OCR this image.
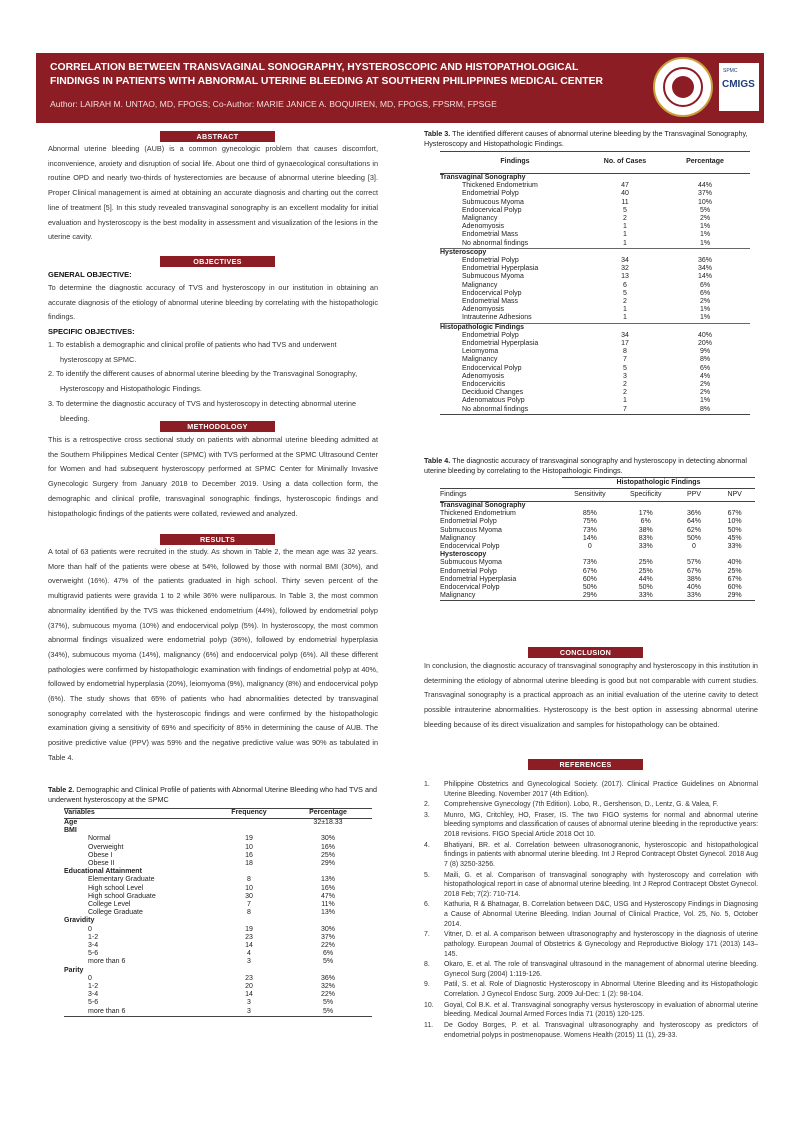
CORRELATION BETWEEN TRANSVAGINAL SONOGRAPHY, HYSTEROSCOPIC AND HISTOPATHOLOGICAL FINDINGS IN PATIENTS WITH ABNORMAL UTERINE BLEEDING AT SOUTHERN PHILIPPINES MEDICAL CENTER
Author: LAIRAH M. UNTAO, MD, FPOGS; Co-Author: MARIE JANICE A. BOQUIREN, MD, FPOGS, FPSRM, FPSGE
SPMC
CMIGS
ABSTRACT
Abnormal uterine bleeding (AUB) is a common gynecologic problem that causes discomfort, inconvenience, anxiety and disruption of social life. About one third of gynaecological consultations in routine OPD and nearly two-thirds of hysterectomies are because of abnormal uterine bleeding [3]. Proper Clinical management is aimed at obtaining an accurate diagnosis and charting out the correct line of treatment [5]. In this study revealed transvaginal sonography is an excellent modality for initial evaluation and hysteroscopy is the best modality in assessment and visualization of the lesions in the uterine cavity.
OBJECTIVES
GENERAL OBJECTIVE:
To determine the diagnostic accuracy of TVS and hysteroscopy in our institution in obtaining an accurate diagnosis of the etiology of abnormal uterine bleeding by correlating with the histopathologic findings.
SPECIFIC OBJECTIVES:
1. To establish a demographic and clinical profile of patients who had TVS and underwent hysteroscopy at SPMC.
2. To identify the different causes of abnormal uterine bleeding by the Transvaginal Sonography, Hysteroscopy and Histopathologic Findings.
3. To determine the diagnostic accuracy of TVS and hysteroscopy in detecting abnormal uterine bleeding.
METHODOLOGY
This is a retrospective cross sectional study on patients with abnormal uterine bleeding admitted at the Southern Philippines Medical Center (SPMC) with TVS performed at the SPMC Ultrasound Center for Women and had subsequent hysteroscopy performed at SPMC Center for Minimally Invasive Gynecologic Surgery from January 2018 to December 2019. Using a data collection form, the demographic and clinical profile, transvaginal sonographic findings, hysteroscopic findings and histopathologic findings of the patients were collated, reviewed and analyzed.
RESULTS
A total of 63 patients were recruited in the study. As shown in Table 2, the mean age was 32 years. More than half of the patients were obese at 54%, followed by those with normal BMI (30%), and overweight (16%). 47% of the patients graduated in high school. Thirty seven percent of the multigravid patients were gravida 1 to 2 while 36% were nulliparous. In Table 3, the most common abnormality identified by the TVS was thickened endometrium (44%), followed by endometrial polyp (37%), submucous myoma (10%) and endocervical polyp (5%). In hysteroscopy, the most common abnormal findings visualized were endometrial polyp (36%), followed by endometrial hyperplasia (34%), submucous myoma (14%), malignancy (6%) and endocervical polyp (6%). All these different pathologies were confirmed by histopathologic examination with findings of endometrial polyp at 40%, followed by endometrial hyperplasia (20%), leiomyoma (9%), malignancy (8%) and endocervical polyp (6%). The study shows that 65% of patients who had abnormalities detected by transvaginal sonography correlated with the hysteroscopic findings and were confirmed by the histopathologic examination giving a sensitivity of 69% and specificity of 85% in determining the cause of AUB. The positive predictive value (PPV) was 59% and the negative predictive value was 90% as tabulated in Table 4.
Table 2. Demographic and Clinical Profile of patients with Abnormal Uterine Bleeding who had TVS and underwent hysteroscopy at the SPMC
Variables	Frequency	Percentage
Age		32±18.33
BMI		
Normal	19	30%
Overweight	10	16%
Obese I	16	25%
Obese II	18	29%
Educational Attainment		
Elementary Graduate	8	13%
High school Level	10	16%
High school Graduate	30	47%
College Level	7	11%
College Graduate	8	13%
Gravidity		
0	19	30%
1-2	23	37%
3-4	14	22%
5-6	4	6%
more than 6	3	5%
Parity		
0	23	36%
1-2	20	32%
3-4	14	22%
5-6	3	5%
more than 6	3	5%
Table 3. The identified different causes of abnormal uterine bleeding by the Transvaginal Sonography, Hysteroscopy and Histopathologic Findings.
Findings	No. of Cases	Percentage
Transvaginal Sonography		
Thickened Endometrium	47	44%
Endometrial Polyp	40	37%
Submucous Myoma	11	10%
Endocervical Polyp	5	5%
Malignancy	2	2%
Adenomyosis	1	1%
Endometrial Mass	1	1%
No abnormal findings	1	1%
Hysteroscopy		
Endometrial Polyp	34	36%
Endometrial Hyperplasia	32	34%
Submucous Myoma	13	14%
Malignancy	6	6%
Endocervical Polyp	5	6%
Endometrial Mass	2	2%
Adenomyosis	1	1%
Intrauterine Adhesions	1	1%
Histopathologic Findings		
Endometrial Polyp	34	40%
Endometrial Hyperplasia	17	20%
Leiomyoma	8	9%
Malignancy	7	8%
Endocervical Polyp	5	6%
Adenomyosis	3	4%
Endocervicitis	2	2%
Deciduoid Changes	2	2%
Adenomatous Polyp	1	1%
No abnormal findings	7	8%
Table 4. The diagnostic accuracy of transvaginal sonography and hysteroscopy in detecting abnormal uterine bleeding by correlating to the Histopathologic Findings.
	Histopathologic Findings			
Findings	Sensitivity	Specificity	PPV	NPV
Transvaginal Sonography				
Thickened Endometrium	85%	17%	36%	67%
Endometrial Polyp	75%	6%	64%	10%
Submucous Myoma	73%	38%	62%	50%
Malignancy	14%	83%	50%	45%
Endocervical Polyp	0	33%	0	33%
Hysteroscopy				
Submucous Myoma	73%	25%	57%	40%
Endometrial Polyp	67%	25%	67%	25%
Endometrial Hyperplasia	60%	44%	38%	67%
Endocervical Polyp	50%	50%	40%	60%
Malignancy	29%	33%	33%	29%
CONCLUSION
In conclusion, the diagnostic accuracy of transvaginal sonography and hysteroscopy in this institution in determining the etiology of abnormal uterine bleeding is good but not comparable with current studies. Transvaginal sonography is a practical approach as an initial evaluation of the uterine cavity to detect possible intrauterine abnormalities. Hysteroscopy is the best option in assessing abnormal uterine bleeding because of its direct visualization and samples for histopathology can be obtained.
REFERENCES
1.	Philippine Obstetrics and Gynecological Society. (2017). Clinical Practice Guidelines on Abnormal Uterine Bleeding. November 2017 (4th Edition).
2.	Comprehensive Gynecology (7th Edition). Lobo, R., Gershenson, D., Lentz, G. & Valea, F.
3.	Munro, MG, Critchley, HO, Fraser, IS. The two FIGO systems for normal and abnormal uterine bleeding symptoms and classification of causes of abnormal uterine bleeding in the reproductive years: 2018 revisions. FIGO Special Article 2018 Oct 10.
4.	Bhatiyani, BR. et al. Correlation between ultrasonogranonic, hysteroscopic and histopathological findings in patients with abnormal uterine bleeding. Int J Reprod Contracept Obstet Gynecol. 2018 Aug 7 (8) 3250-3256.
5.	Maili, G. et al. Comparison of transvaginal sonography with hysteroscopy and correlation with histopathological report in case of abnormal uterine bleeding. Int J Reprod Contracept Obstet Gynecol. 2018 Feb; 7(2): 710-714.
6.	Kathuria, R & Bhatnagar, B. Correlation between D&C, USG and Hysteroscopy Findings in Diagnosing a Cause of Abnormal Uterine Bleeding. Indian Journal of Clinical Practice, Vol. 25, No. 5, October 2014.
7.	Vitner, D. et al. A comparison between ultrasonography and hysteroscopy in the diagnosis of uterine pathology. European Journal of Obstetrics & Gynecology and Reproductive Biology 171 (2013) 143–145.
8.	Okaro, E. et al. The role of transvaginal ultrasound in the management of abnormal uterine bleeding. Gynecol Surg (2004) 1:119-126.
9.	Patil, S. et al. Role of Diagnostic Hysteroscopy in Abnormal Uterine Bleeding and its Histopathologic Correlation. J Gynecol Endosc Surg. 2009 Jul-Dec: 1 (2): 98-104.
10.	Goyal, Col B.K. et al. Transvaginal sonography versus hysteroscopy in evaluation of abnormal uterine bleeding. Medical Journal Armed Forces India 71 (2015) 120-125.
11.	De Godoy Borges, P. et al. Transvaginal ultrasonography and hysteroscopy as predictors of endometrial polyps in postmenopause. Womens Health (2015) 11 (1), 29-33.
